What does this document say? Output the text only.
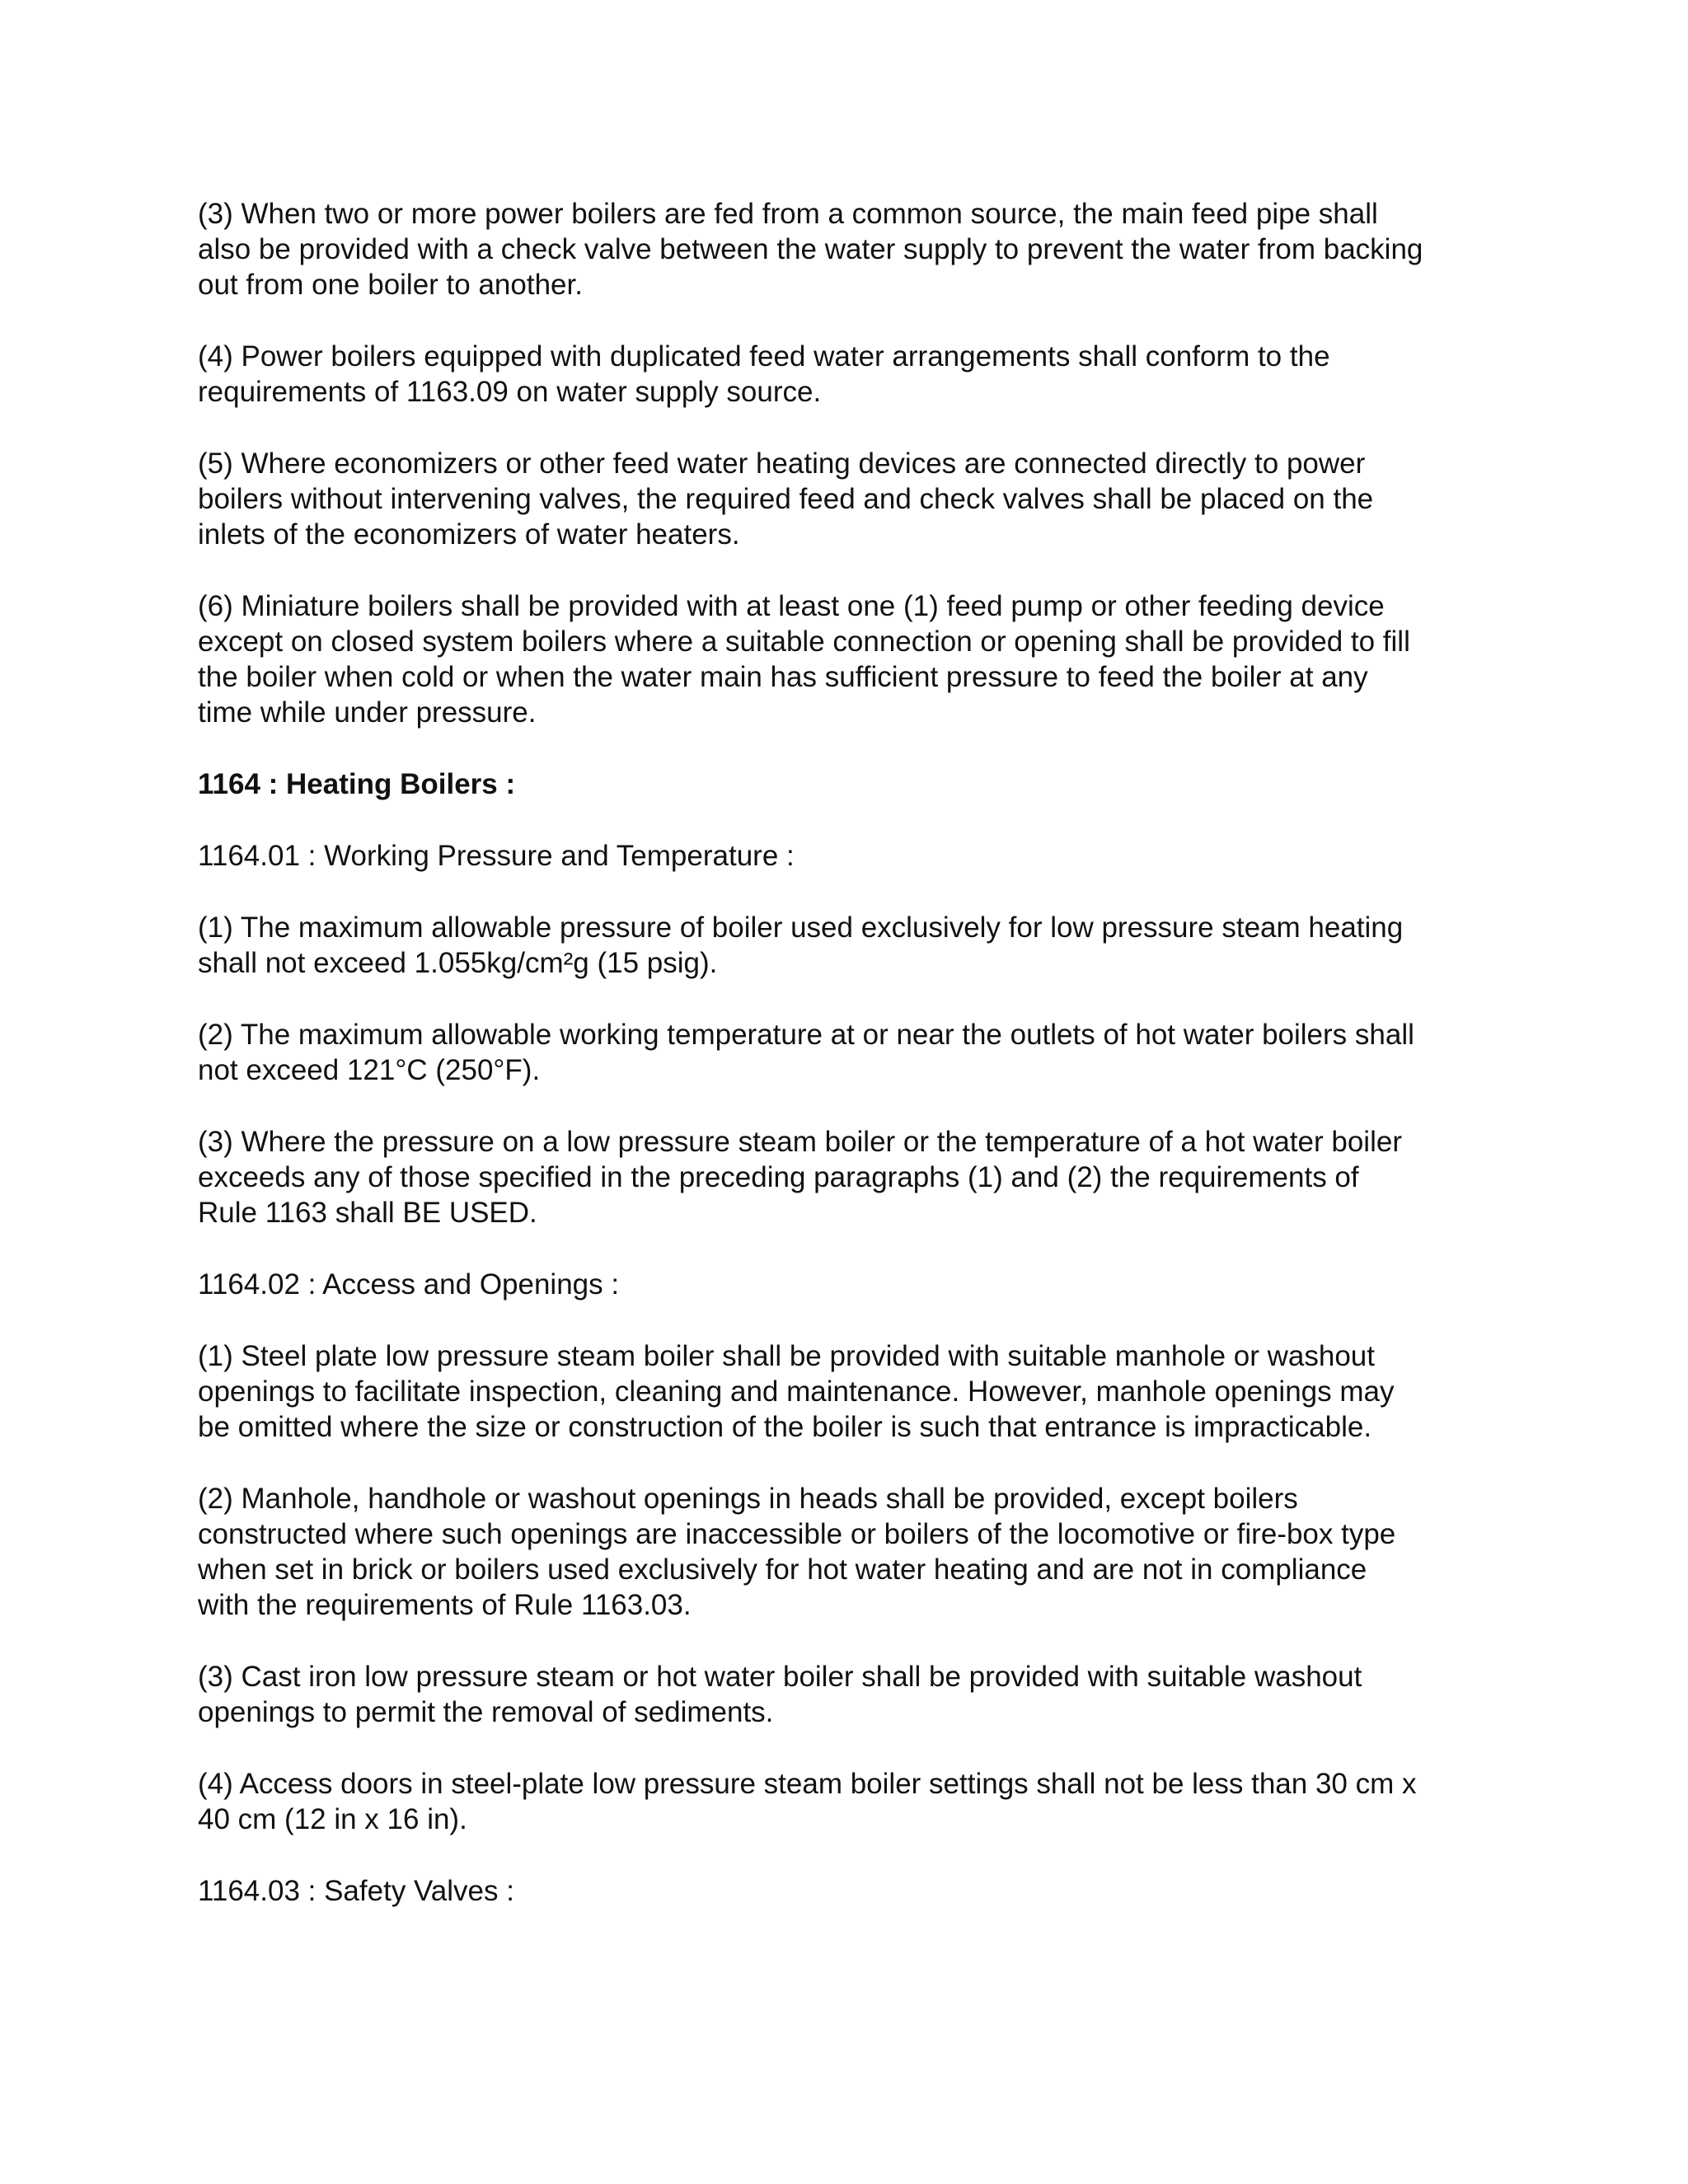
(3) When two or more power boilers are fed from a common source, the main feed pipe shall
also be provided with a check valve between the water supply to prevent the water from backing
out from one boiler to another.
(4) Power boilers equipped with duplicated feed water arrangements shall conform to the
requirements of 1163.09 on water supply source.
(5) Where economizers or other feed water heating devices are connected directly to power
boilers without intervening valves, the required feed and check valves shall be placed on the
inlets of the economizers of water heaters.
(6) Miniature boilers shall be provided with at least one (1) feed pump or other feeding device
except on closed system boilers where a suitable connection or opening shall be provided to fill
the boiler when cold or when the water main has sufficient pressure to feed the boiler at any
time while under pressure.
1164 : Heating Boilers :
1164.01 : Working Pressure and Temperature :
(1) The maximum allowable pressure of boiler used exclusively for low pressure steam heating
shall not exceed 1.055kg/cm²g (15 psig).
(2) The maximum allowable working temperature at or near the outlets of hot water boilers shall
not exceed 121°C (250°F).
(3) Where the pressure on a low pressure steam boiler or the temperature of a hot water boiler
exceeds any of those specified in the preceding paragraphs (1) and (2) the requirements of
Rule 1163 shall BE USED.
1164.02 : Access and Openings :
(1) Steel plate low pressure steam boiler shall be provided with suitable manhole or washout
openings to facilitate inspection, cleaning and maintenance. However, manhole openings may
be omitted where the size or construction of the boiler is such that entrance is impracticable.
(2) Manhole, handhole or washout openings in heads shall be provided, except boilers
constructed where such openings are inaccessible or boilers of the locomotive or fire-box type
when set in brick or boilers used exclusively for hot water heating and are not in compliance
with the requirements of Rule 1163.03.
(3) Cast iron low pressure steam or hot water boiler shall be provided with suitable washout
openings to permit the removal of sediments.
(4) Access doors in steel-plate low pressure steam boiler settings shall not be less than 30 cm x
40 cm (12 in x 16 in).
1164.03 : Safety Valves :
